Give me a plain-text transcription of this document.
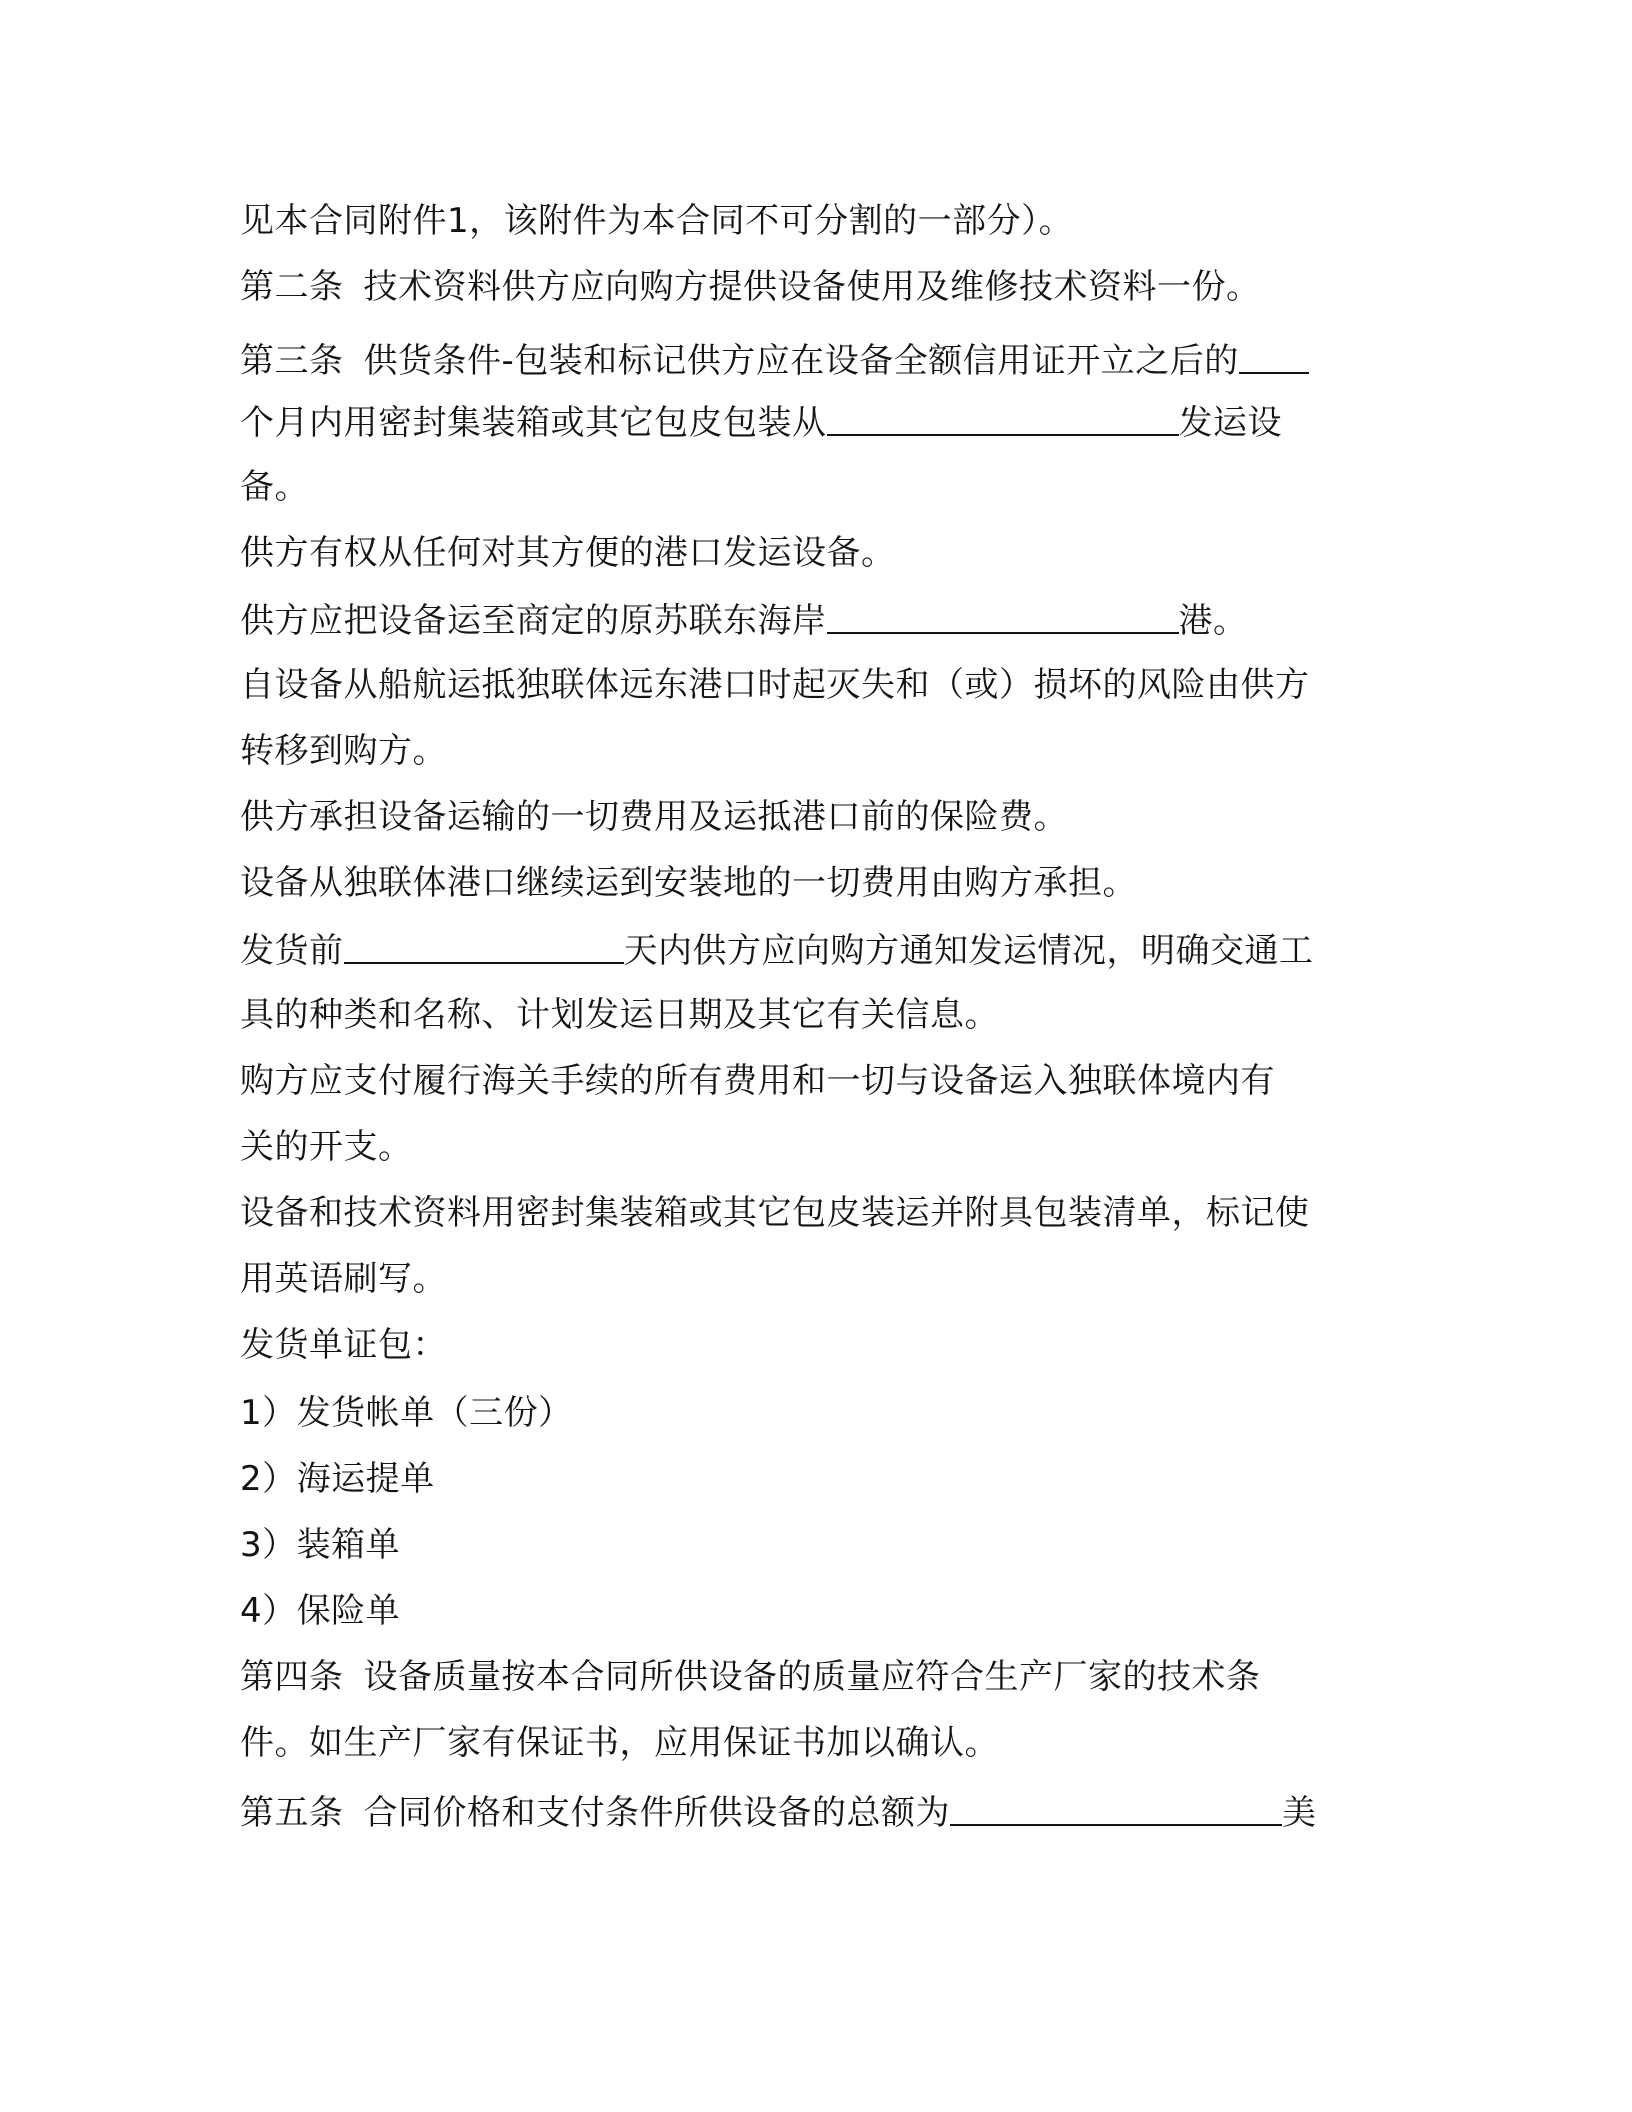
见本合同附件1，该附件为本合同不可分割的一部分）。
第二条 技术资料供方应向购方提供设备使用及维修技术资料一份。
第三条 供货条件-包装和标记供方应在设备全额信用证开立之后的
个月内用密封集装箱或其它包皮包装从	发运设
备。
供方有权从任何对其方便的港口发运设备。
供方应把设备运至商定的原苏联东海岸	港。
自设备从船航运抵独联体远东港口时起灭失和（或）损坏的风险由供方
转移到购方。
供方承担设备运输的一切费用及运抵港口前的保险费。
设备从独联体港口继续运到安装地的一切费用由购方承担。
发货前	天内供方应向购方通知发运情况，明确交通工
具的种类和名称、计划发运日期及其它有关信息。
购方应支付履行海关手续的所有费用和一切与设备运入独联体境内有
关的开支。
设备和技术资料用密封集装箱或其它包皮装运并附具包装清单，标记使
用英语刷写。
发货单证包：
1）发货帐单（三份）
2）海运提单
3）装箱单
4）保险单
第四条 设备质量按本合同所供设备的质量应符合生产厂家的技术条
件。如生产厂家有保证书，应用保证书加以确认。
第五条 合同价格和支付条件所供设备的总额为	美
